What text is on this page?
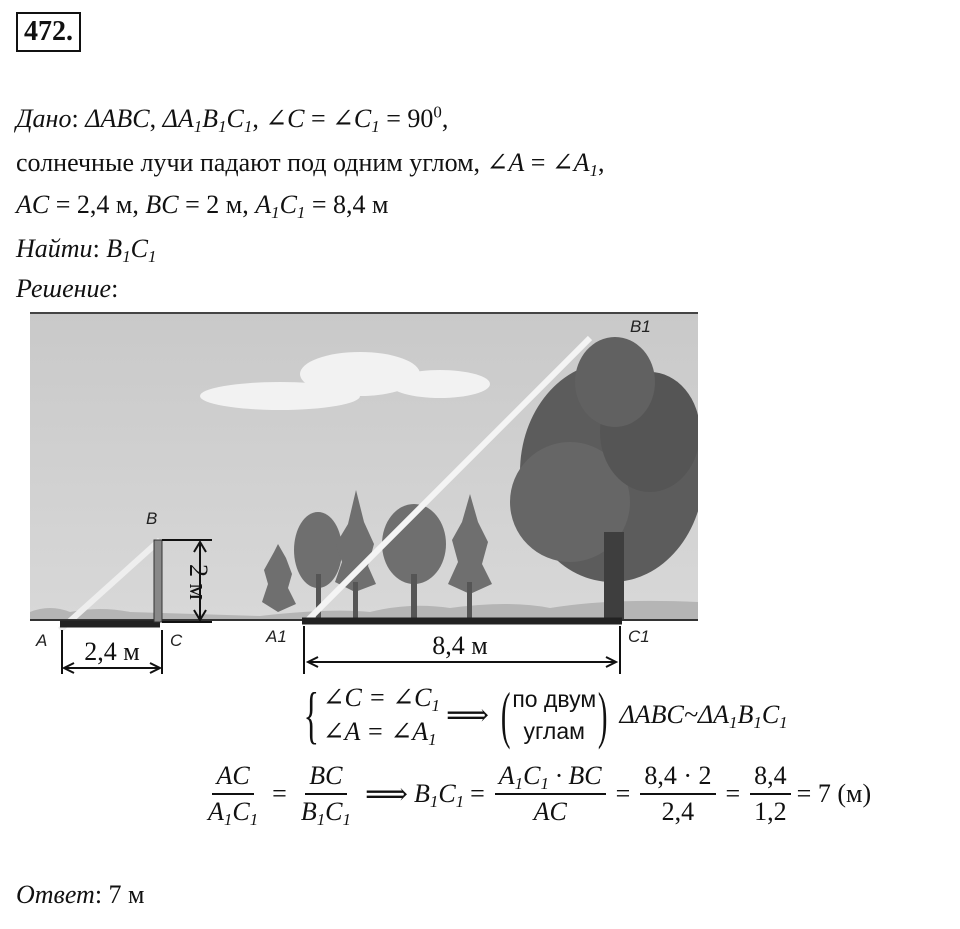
472.
Дано: ΔABC, $\Delta A_1B_1C_1$, ∠C = $\angle C_1 = 90^0$,
солнечные лучи падают под одним углом, ∠A = $\angle A_1$,
AC = 2,4 м, BC = 2 м, $A_1C_1 = 8,4$ м
Найти: $B_1C_1$
Решение:
2 м
2,4 м	8,4 м
A
B
C	A1
B1
C1
{ ∠C = $\angle C_1$
∠A = $\angle A_1$
⟹ ( по двум
углам ) $\Delta ABC\sim\Delta A_1B_1C_1$
$\frac{AC}{A_1C_1} = \frac{BC}{B_1C_1}$ ⟹ $B_1C_1 = \frac{A_1C_1 \cdot BC}{AC} = \frac{8,4 \cdot 2}{2,4} = \frac{8,4}{1,2} = 7$ (м)
Ответ: 7 м
